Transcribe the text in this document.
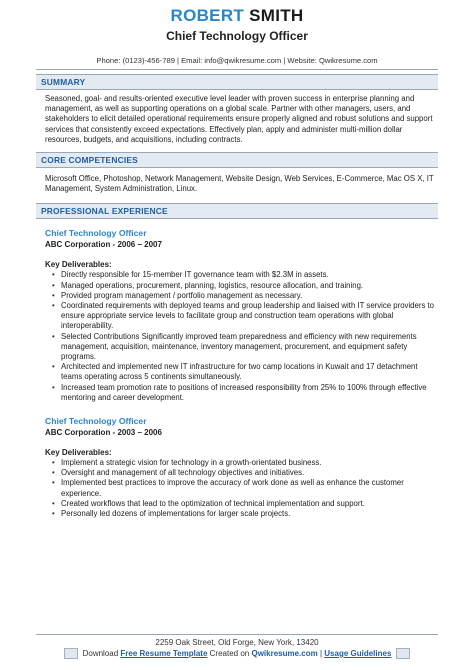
ROBERT SMITH
Chief Technology Officer
Phone: (0123)-456-789 | Email: info@qwikresume.com | Website: Qwikresume.com
SUMMARY
Seasoned, goal- and results-oriented executive level leader with proven success in enterprise planning and management, as well as supporting operations on a global scale. Partner with other managers, users, and stakeholders to elicit detailed operational requirements ensure properly aligned and robust solutions and support services that consistently exceed expectations. Effectively plan, apply and administer multi-million dollar resources, budgets, and acquisitions, including contracts.
CORE COMPETENCIES
Microsoft Office, Photoshop, Network Management, Website Design, Web Services, E-Commerce, Mac OS X, IT Management, System Administration, Linux.
PROFESSIONAL EXPERIENCE
Chief Technology Officer
ABC Corporation - 2006 – 2007
Key Deliverables:
• Directly responsible for 15-member IT governance team with $2.3M in assets.
• Managed operations, procurement, planning, logistics, resource allocation, and training.
• Provided program management / portfolio management as necessary.
• Coordinated requirements with deployed teams and group leadership and liaised with IT service providers to ensure appropriate service levels to facilitate group and construction team operations with global interoperability.
• Selected Contributions Significantly improved team preparedness and efficiency with new requirements management, acquisition, maintenance, inventory management, procurement, and equipment safety programs.
• Architected and implemented new IT infrastructure for two camp locations in Kuwait and 17 detachment teams operating across 5 continents simultaneously.
• Increased team promotion rate to positions of increased responsibility from 25% to 100% through effective mentoring and career development.
Chief Technology Officer
ABC Corporation - 2003 – 2006
Key Deliverables:
• Implement a strategic vision for technology in a growth-orientated business.
• Oversight and management of all technology objectives and initiatives.
• Implemented best practices to improve the accuracy of work done as well as enhance the customer experience.
• Created workflows that lead to the optimization of technical implementation and support.
• Personally led dozens of implementations for larger scale projects.
2259 Oak Street, Old Forge, New York, 13420
Download Free Resume Template Created on Qwikresume.com | Usage Guidelines
